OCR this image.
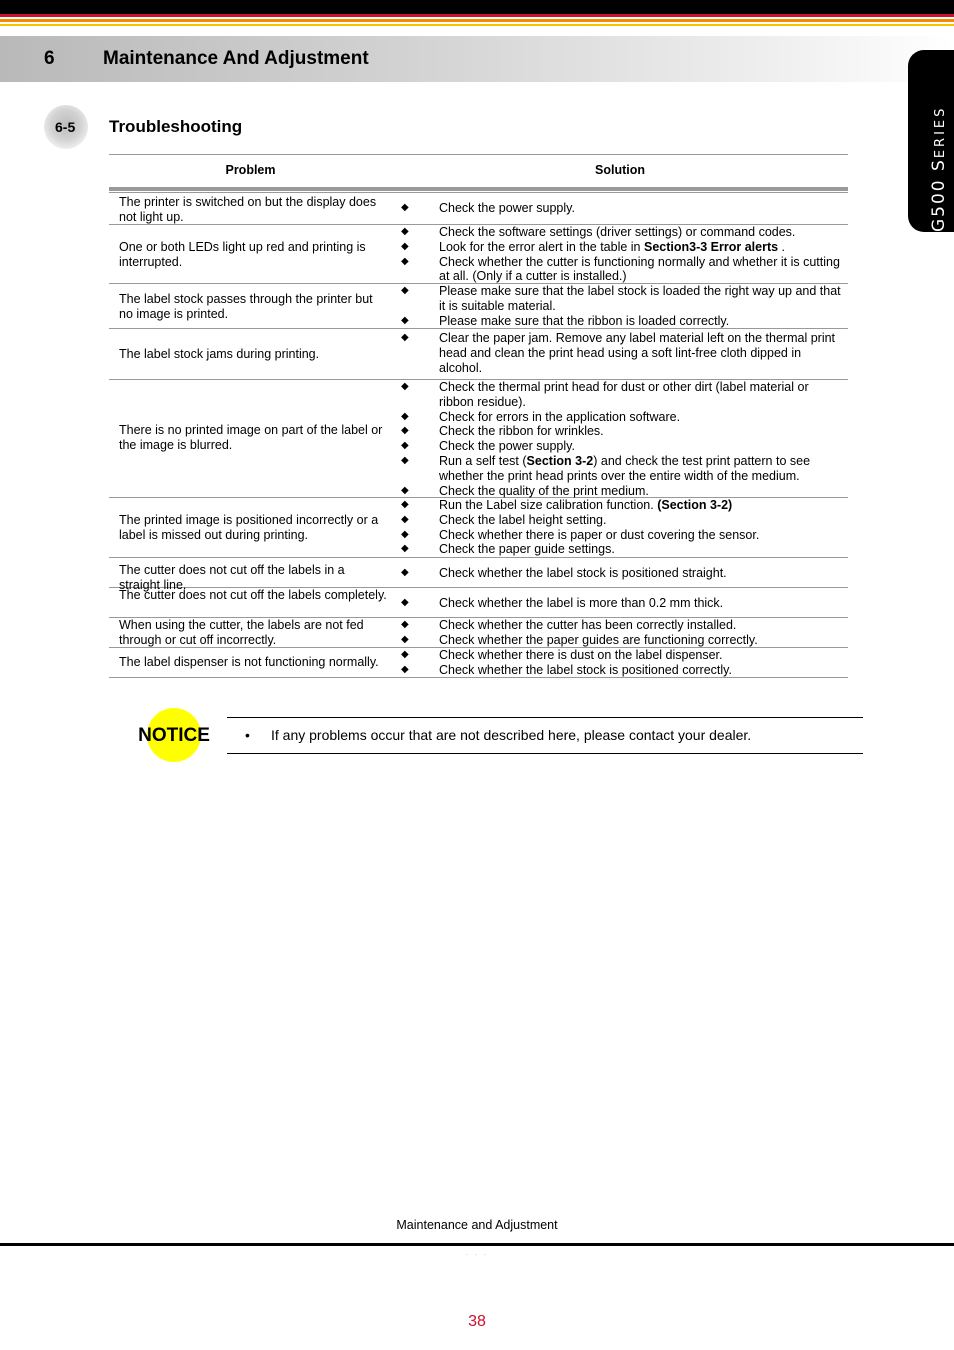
6	Maintenance And Adjustment
G500 SERIES
6-5 Troubleshooting
Problem	Solution
The printer is switched on but the display does not light up.
◆ Check the power supply.
One or both LEDs light up red and printing is interrupted.
◆ Check the software settings (driver settings) or command codes.
◆ Look for the error alert in the table in Section3-3 Error alerts .
◆ Check whether the cutter is functioning normally and whether it is cutting at all. (Only if a cutter is installed.)
The label stock passes through the printer but no image is printed.
◆ Please make sure that the label stock is loaded the right way up and that it is suitable material.
◆ Please make sure that the ribbon is loaded correctly.
The label stock jams during printing.
◆ Clear the paper jam. Remove any label material left on the thermal print head and clean the print head using a soft lint-free cloth dipped in alcohol.
There is no printed image on part of the label or the image is blurred.
◆ Check the thermal print head for dust or other dirt (label material or ribbon residue).
◆ Check for errors in the application software.
◆ Check the ribbon for wrinkles.
◆ Check the power supply.
◆ Run a self test (Section 3-2) and check the test print pattern to see whether the print head prints over the entire width of the medium.
◆ Check the quality of the print medium.
The printed image is positioned incorrectly or a label is missed out during printing.
◆ Run the Label size calibration function. (Section 3-2)
◆ Check the label height setting.
◆ Check whether there is paper or dust covering the sensor.
◆ Check the paper guide settings.
The cutter does not cut off the labels in a straight line.
◆ Check whether the label stock is positioned straight.
The cutter does not cut off the labels completely.
◆ Check whether the label is more than 0.2 mm thick.
When using the cutter, the labels are not fed through or cut off incorrectly.
◆ Check whether the cutter has been correctly installed.
◆ Check whether the paper guides are functioning correctly.
The label dispenser is not functioning normally.
◆ Check whether there is dust on the label dispenser.
◆ Check whether the label stock is positioned correctly.
NOTICE	• If any problems occur that are not described here, please contact your dealer.
Maintenance and Adjustment
· · ·
38
